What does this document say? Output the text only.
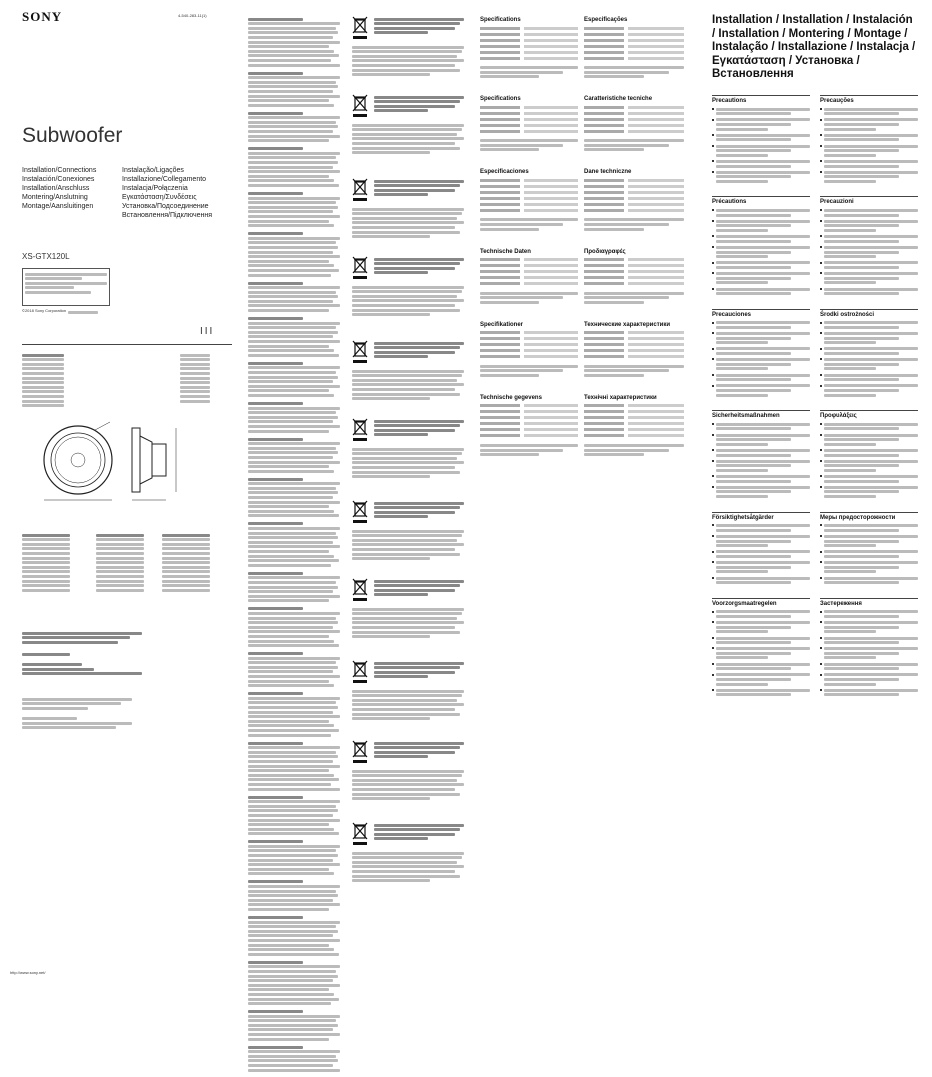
SONY	4-540-283-11(1)
Subwoofer
Installation/Connections
Instalación/Conexiones
Installation/Anschluss
Montering/Anslutning
Montage/Aansluitingen
Instalação/Ligações
Installazione/Collegamento
Instalacja/Połączenia
Εγκατάσταση/Συνδέσεις
Установка/Подсоединение
Встановлення/Підключення
XS-GTX120L
©2018 Sony Corporation
III
http://www.sony.net/
Specifications
Specifications
Especificaciones
Technische Daten
Specifikationer
Technische gegevens
Especificações
Caratteristiche tecniche
Dane techniczne
Προδιαγραφές
Технические характеристики
Технічні характеристики
Installation / Installation / Instalación / Installation / Montering / Montage / Instalação / Installazione / Instalacja / Εγκατάσταση / Установка / Встановлення
Precautions
Précautions
Precauciones
Sicherheitsmaßnahmen
Försiktighetsåtgärder
Voorzorgsmaatregelen
Precauções
Precauzioni
Środki ostrożności
Προφυλάξεις
Меры предосторожности
Застереження
